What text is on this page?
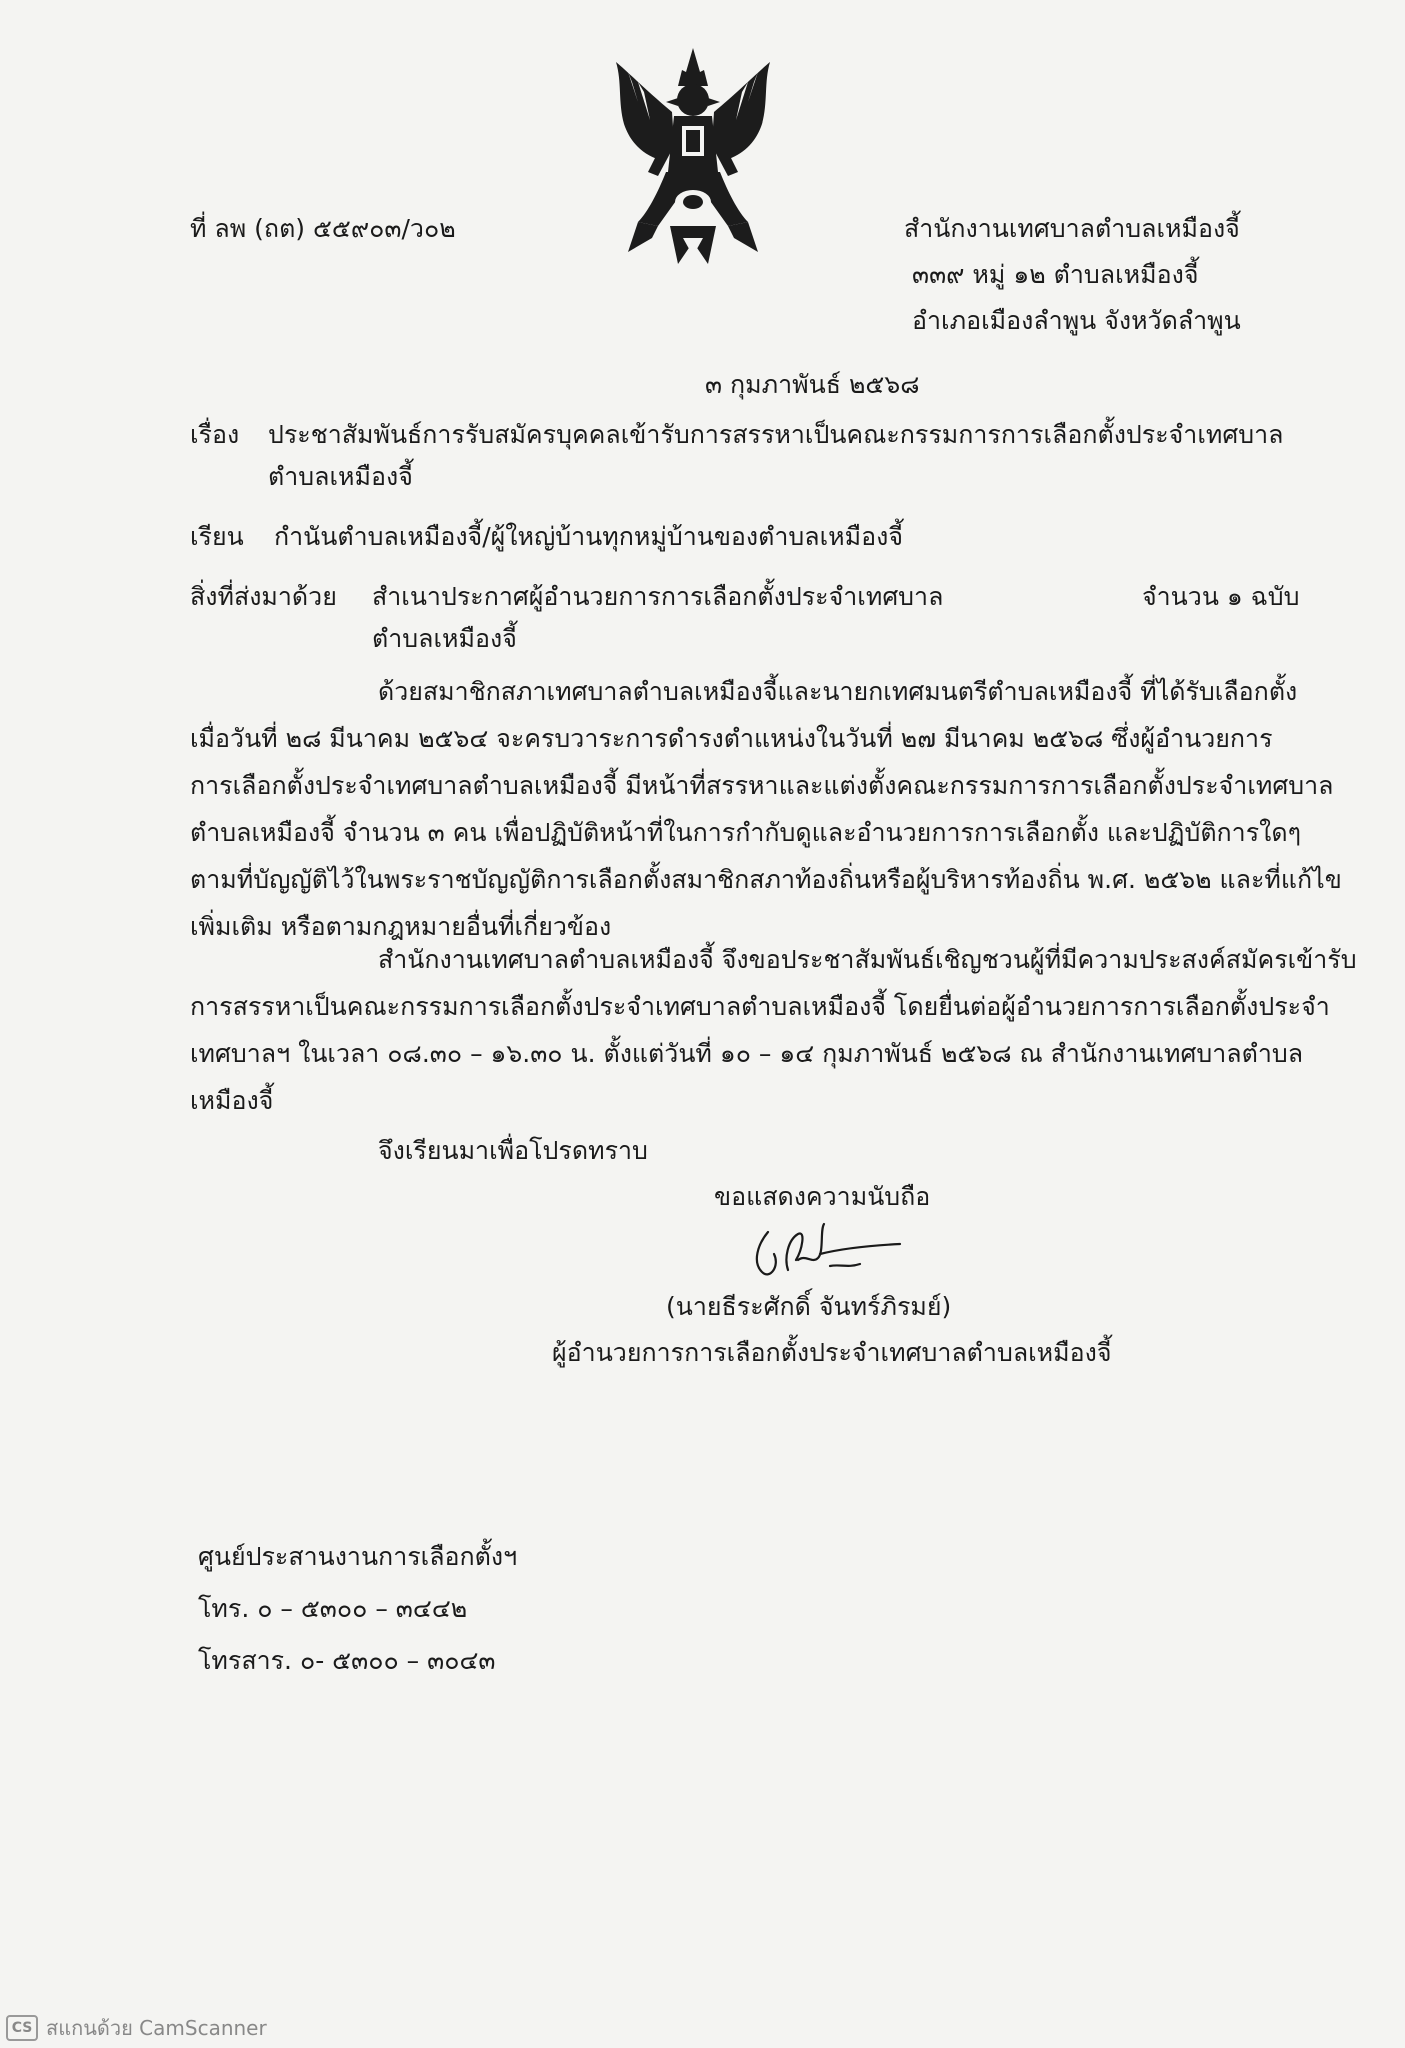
ที่ ลพ (ถต) ๕๕๙๐๓/ว๐๒	สำนักงานเทศบาลตำบลเหมืองจี้
๓๓๙ หมู่ ๑๒ ตำบลเหมืองจี้
อำเภอเมืองลำพูน จังหวัดลำพูน
๓ กุมภาพันธ์ ๒๕๖๘
เรื่อง ประชาสัมพันธ์การรับสมัครบุคคลเข้ารับการสรรหาเป็นคณะกรรมการการเลือกตั้งประจำเทศบาล
ตำบลเหมืองจี้
เรียน กำนันตำบลเหมืองจี้/ผู้ใหญ่บ้านทุกหมู่บ้านของตำบลเหมืองจี้
สิ่งที่ส่งมาด้วย สำเนาประกาศผู้อำนวยการการเลือกตั้งประจำเทศบาล	จำนวน ๑ ฉบับ
ตำบลเหมืองจี้
ด้วยสมาชิกสภาเทศบาลตำบลเหมืองจี้และนายกเทศมนตรีตำบลเหมืองจี้ ที่ได้รับเลือกตั้ง
เมื่อวันที่ ๒๘ มีนาคม ๒๕๖๔ จะครบวาระการดำรงตำแหน่งในวันที่ ๒๗ มีนาคม ๒๕๖๘ ซึ่งผู้อำนวยการ
การเลือกตั้งประจำเทศบาลตำบลเหมืองจี้ มีหน้าที่สรรหาและแต่งตั้งคณะกรรมการการเลือกตั้งประจำเทศบาล
ตำบลเหมืองจี้ จำนวน ๓ คน เพื่อปฏิบัติหน้าที่ในการกำกับดูและอำนวยการการเลือกตั้ง และปฏิบัติการใดๆ
ตามที่บัญญัติไว้ในพระราชบัญญัติการเลือกตั้งสมาชิกสภาท้องถิ่นหรือผู้บริหารท้องถิ่น พ.ศ. ๒๕๖๒ และที่แก้ไข
เพิ่มเติม หรือตามกฎหมายอื่นที่เกี่ยวข้อง
สำนักงานเทศบาลตำบลเหมืองจี้ จึงขอประชาสัมพันธ์เชิญชวนผู้ที่มีความประสงค์สมัครเข้ารับ
การสรรหาเป็นคณะกรรมการเลือกตั้งประจำเทศบาลตำบลเหมืองจี้ โดยยื่นต่อผู้อำนวยการการเลือกตั้งประจำ
เทศบาลฯ ในเวลา ๐๘.๓๐ – ๑๖.๓๐ น. ตั้งแต่วันที่ ๑๐ – ๑๔ กุมภาพันธ์ ๒๕๖๘ ณ สำนักงานเทศบาลตำบล
เหมืองจี้
จึงเรียนมาเพื่อโปรดทราบ
ขอแสดงความนับถือ
(นายธีระศักดิ์ จันทร์ภิรมย์)
ผู้อำนวยการการเลือกตั้งประจำเทศบาลตำบลเหมืองจี้
ศูนย์ประสานงานการเลือกตั้งฯ
โทร. ๐ – ๕๓๐๐ – ๓๔๔๒
โทรสาร. ๐- ๕๓๐๐ – ๓๐๔๓
CS สแกนด้วย CamScanner
